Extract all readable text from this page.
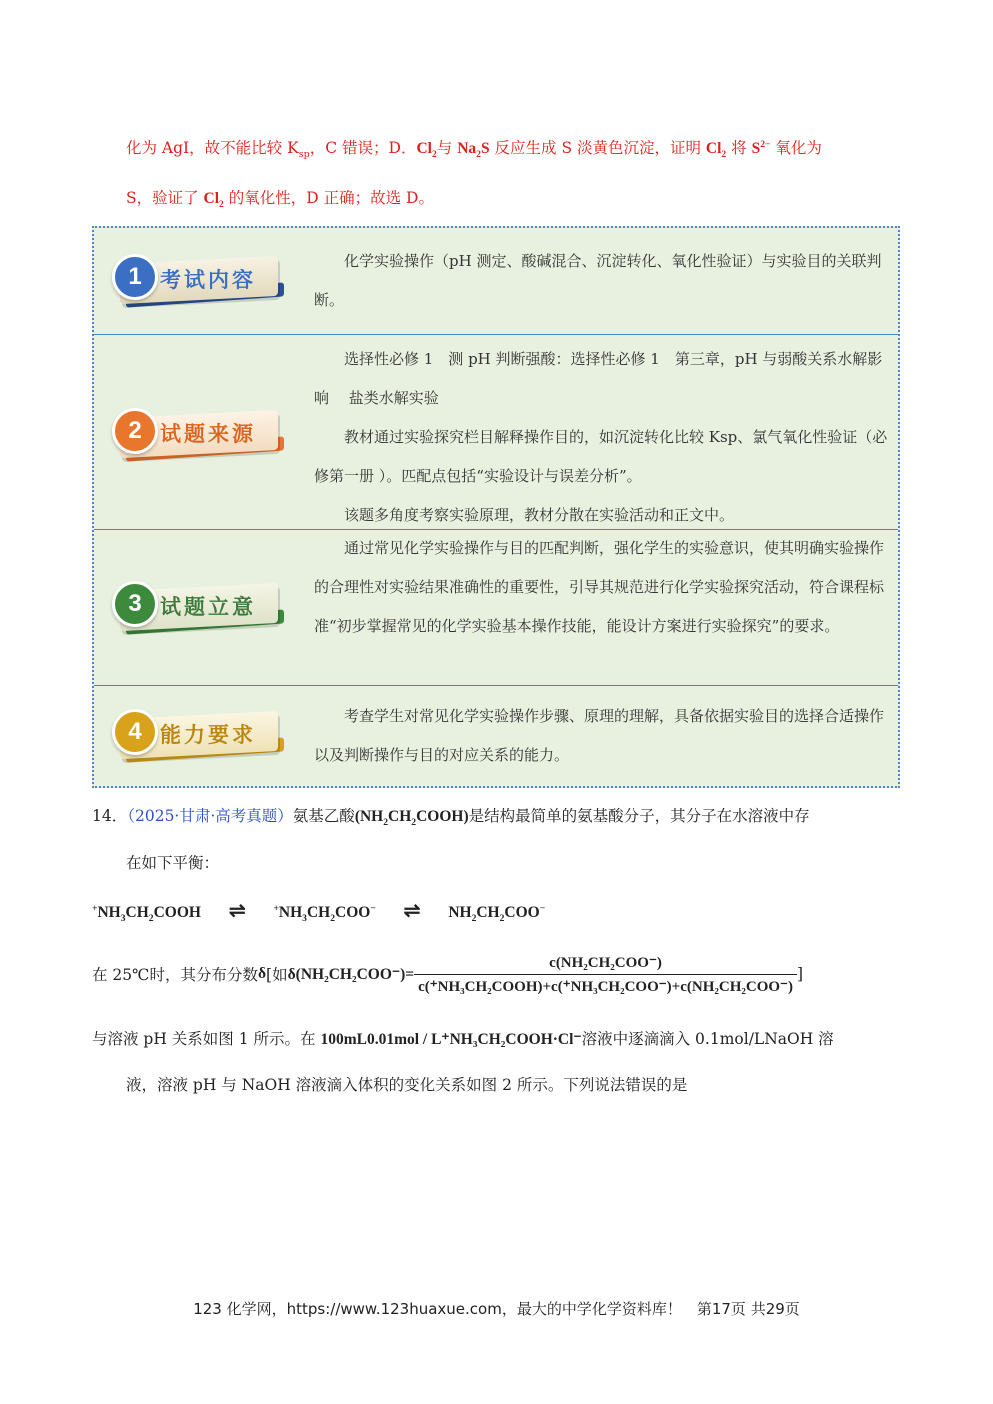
化为 AgI，故不能比较 $K_{sp}$，C 错误；D．$Cl_2$与 $Na_2S$ 反应生成 S 淡黄色沉淀，证明 $Cl_2$ 将 $S^{2-}$ 氧化为
S，验证了 $Cl_2$ 的氧化性，D 正确；故选 D。
1 考试内容

化学实验操作（pH 测定、酸碱混合、沉淀转化、氧化性验证）与实验目的关联判断。

2 试题来源

选择性必修 1　测 pH 判断强酸：选择性必修 1　第三章，pH 与弱酸关系水解影响　 盐类水解实验

教材通过实验探究栏目解释操作目的，如沉淀转化比较 Ksp、氯气氧化性验证（必修第一册 ）。匹配点包括“实验设计与误差分析”。

该题多角度考察实验原理，教材分散在实验活动和正文中。

3 试题立意

通过常见化学实验操作与目的匹配判断，强化学生的实验意识，使其明确实验操作的合理性对实验结果准确性的重要性，引导其规范进行化学实验探究活动，符合课程标准“初步掌握常见的化学实验基本操作技能，能设计方案进行实验探究”的要求。

4 能力要求

考查学生对常见化学实验操作步骤、原理的理解，具备依据实验目的选择合适操作以及判断操作与目的对应关系的能力。

14．（2025·甘肃·高考真题）氨基乙酸$(NH_2CH_2COOH)$是结构最简单的氨基酸分子，其分子在水溶液中存
在如下平衡：
$^+NH_3CH_2COOH$ ⇌	$^+NH_3CH_2COO^-$ ⇌ $NH_2CH_2COO^-$
在 25℃时，其分布分数 δ [如 $\delta(NH_2CH_2COO^-)= \frac{\text{c(NH₂CH₂COO⁻)}}{\text{c(⁺NH₃CH₂COOH)+c(⁺NH₃CH₂COO⁻)+c(NH₂CH₂COO⁻)}}$ ]
与溶液 pH 关系如图 1 所示。在 100mL0.01mol / L⁺NH₃CH₂COOH·Cl⁻溶液中逐滴滴入 0.1mol/LNaOH 溶
液，溶液 pH 与 NaOH 溶液滴入体积的变化关系如图 2 所示。下列说法错误的是
123 化学网，https://www.123huaxue.com，最大的中学化学资料库！　第17页 共29页
